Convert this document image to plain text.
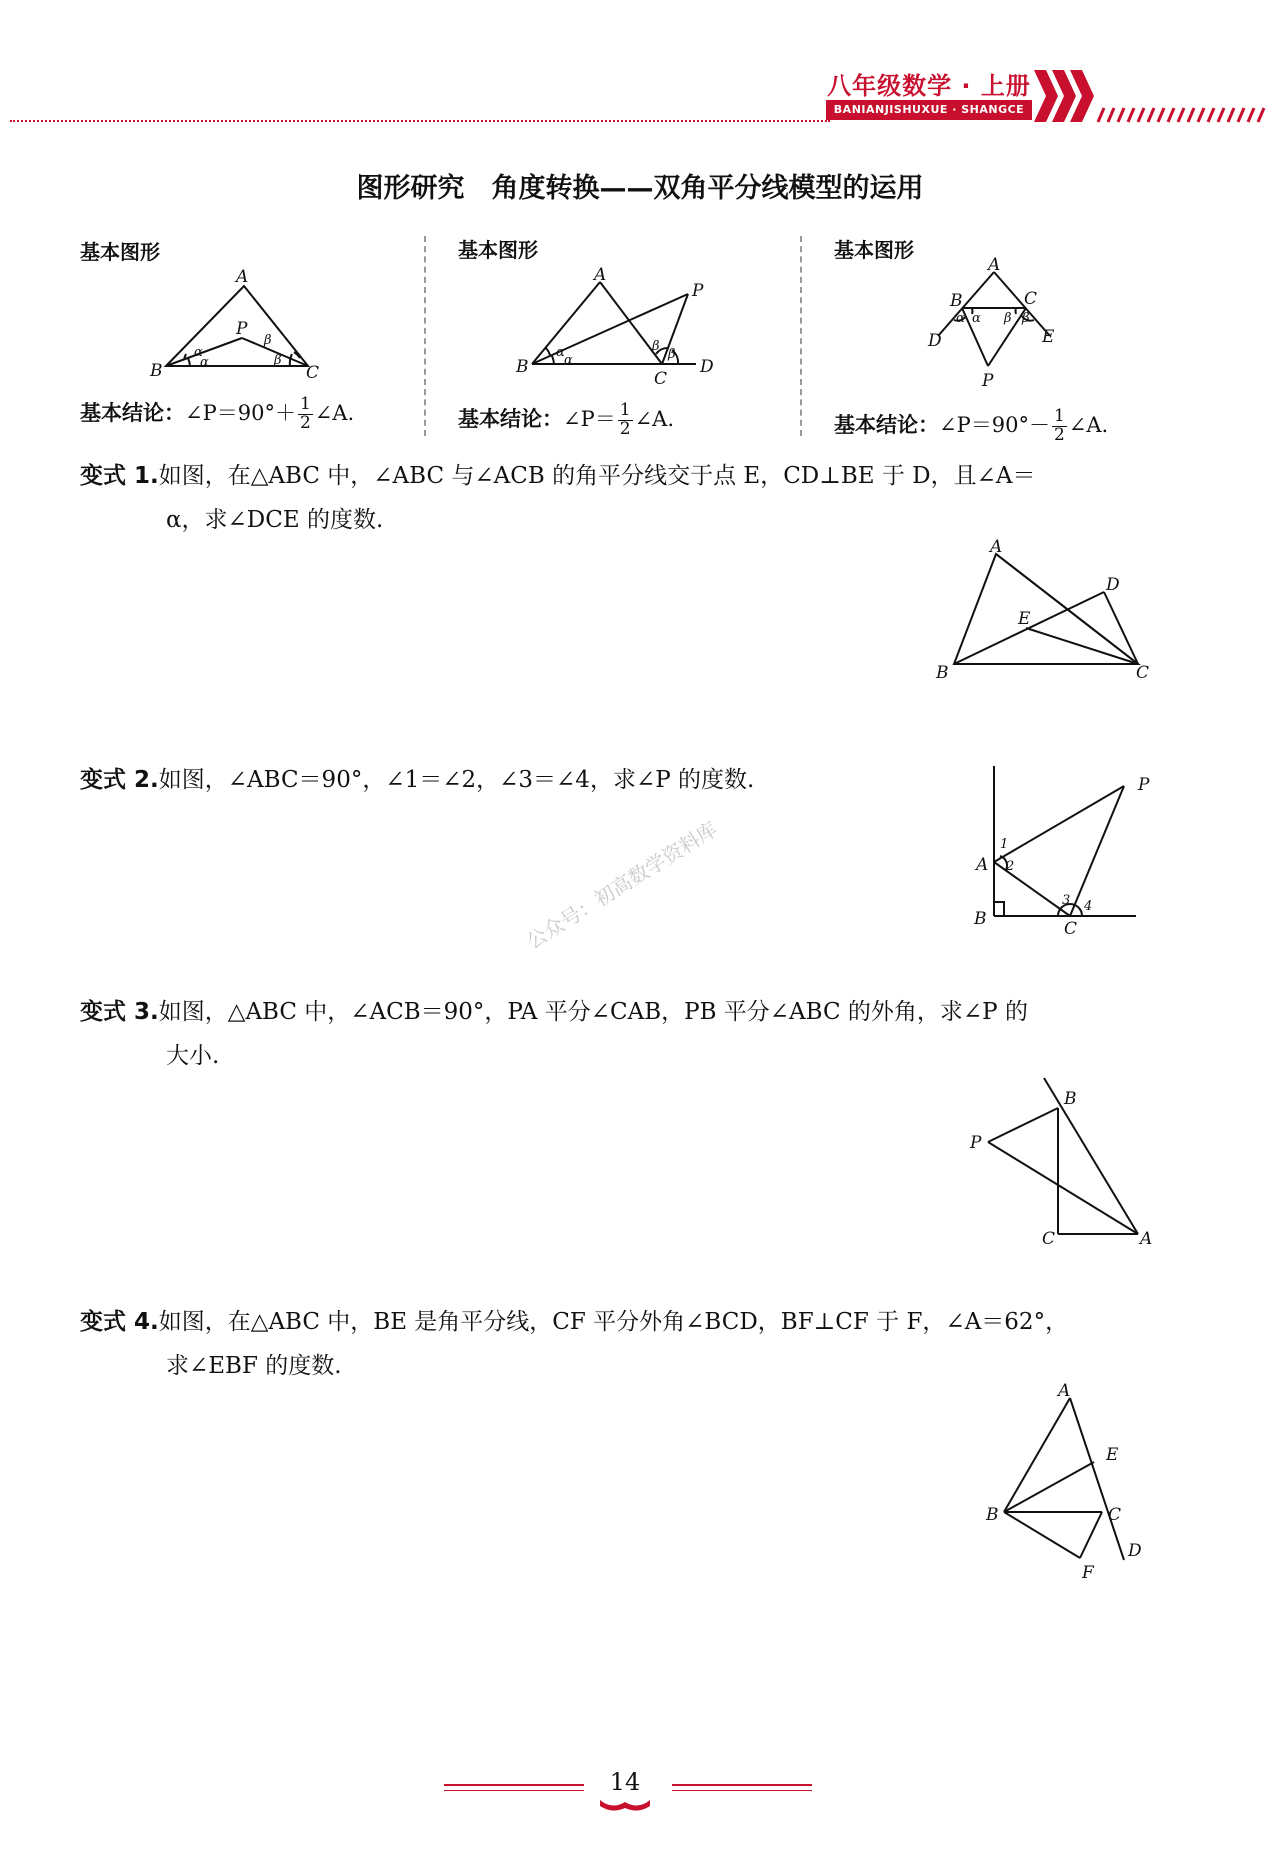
八年级数学 · 上册
BANIANJISHUXUE · SHANGCE
图形研究　角度转换——双角平分线模型的运用
基本图形	基本图形	基本图形
A
P
B	C
α
α
β
β
A
P
B
C
D
α
α
β
β
A
B	C
D	E
P
α α β β
基本结论：∠P＝90°＋ $\frac{1}{2}$ ∠A.	基本结论：∠P＝ $\frac{1}{2}$ ∠A.	基本结论：∠P＝90°－ $\frac{1}{2}$ ∠A.
变式 1.如图，在△ABC 中，∠ABC 与∠ACB 的角平分线交于点 E，CD⊥BE 于 D，且∠A＝
α，求∠DCE 的度数.
A
D
E
B	C
变式 2.如图，∠ABC＝90°，∠1＝∠2，∠3＝∠4，求∠P 的度数.	P
A
B	C
1
2
3 4
变式 3.如图，△ABC 中，∠ACB＝90°，PA 平分∠CAB，PB 平分∠ABC 的外角，求∠P 的
大小.
B
P
C	A
变式 4.如图，在△ABC 中，BE 是角平分线，CF 平分外角∠BCD，BF⊥CF 于 F，∠A＝62°，
求∠EBF 的度数.
A
E
B	C
D
F
公众号：初高数学资料库
14
